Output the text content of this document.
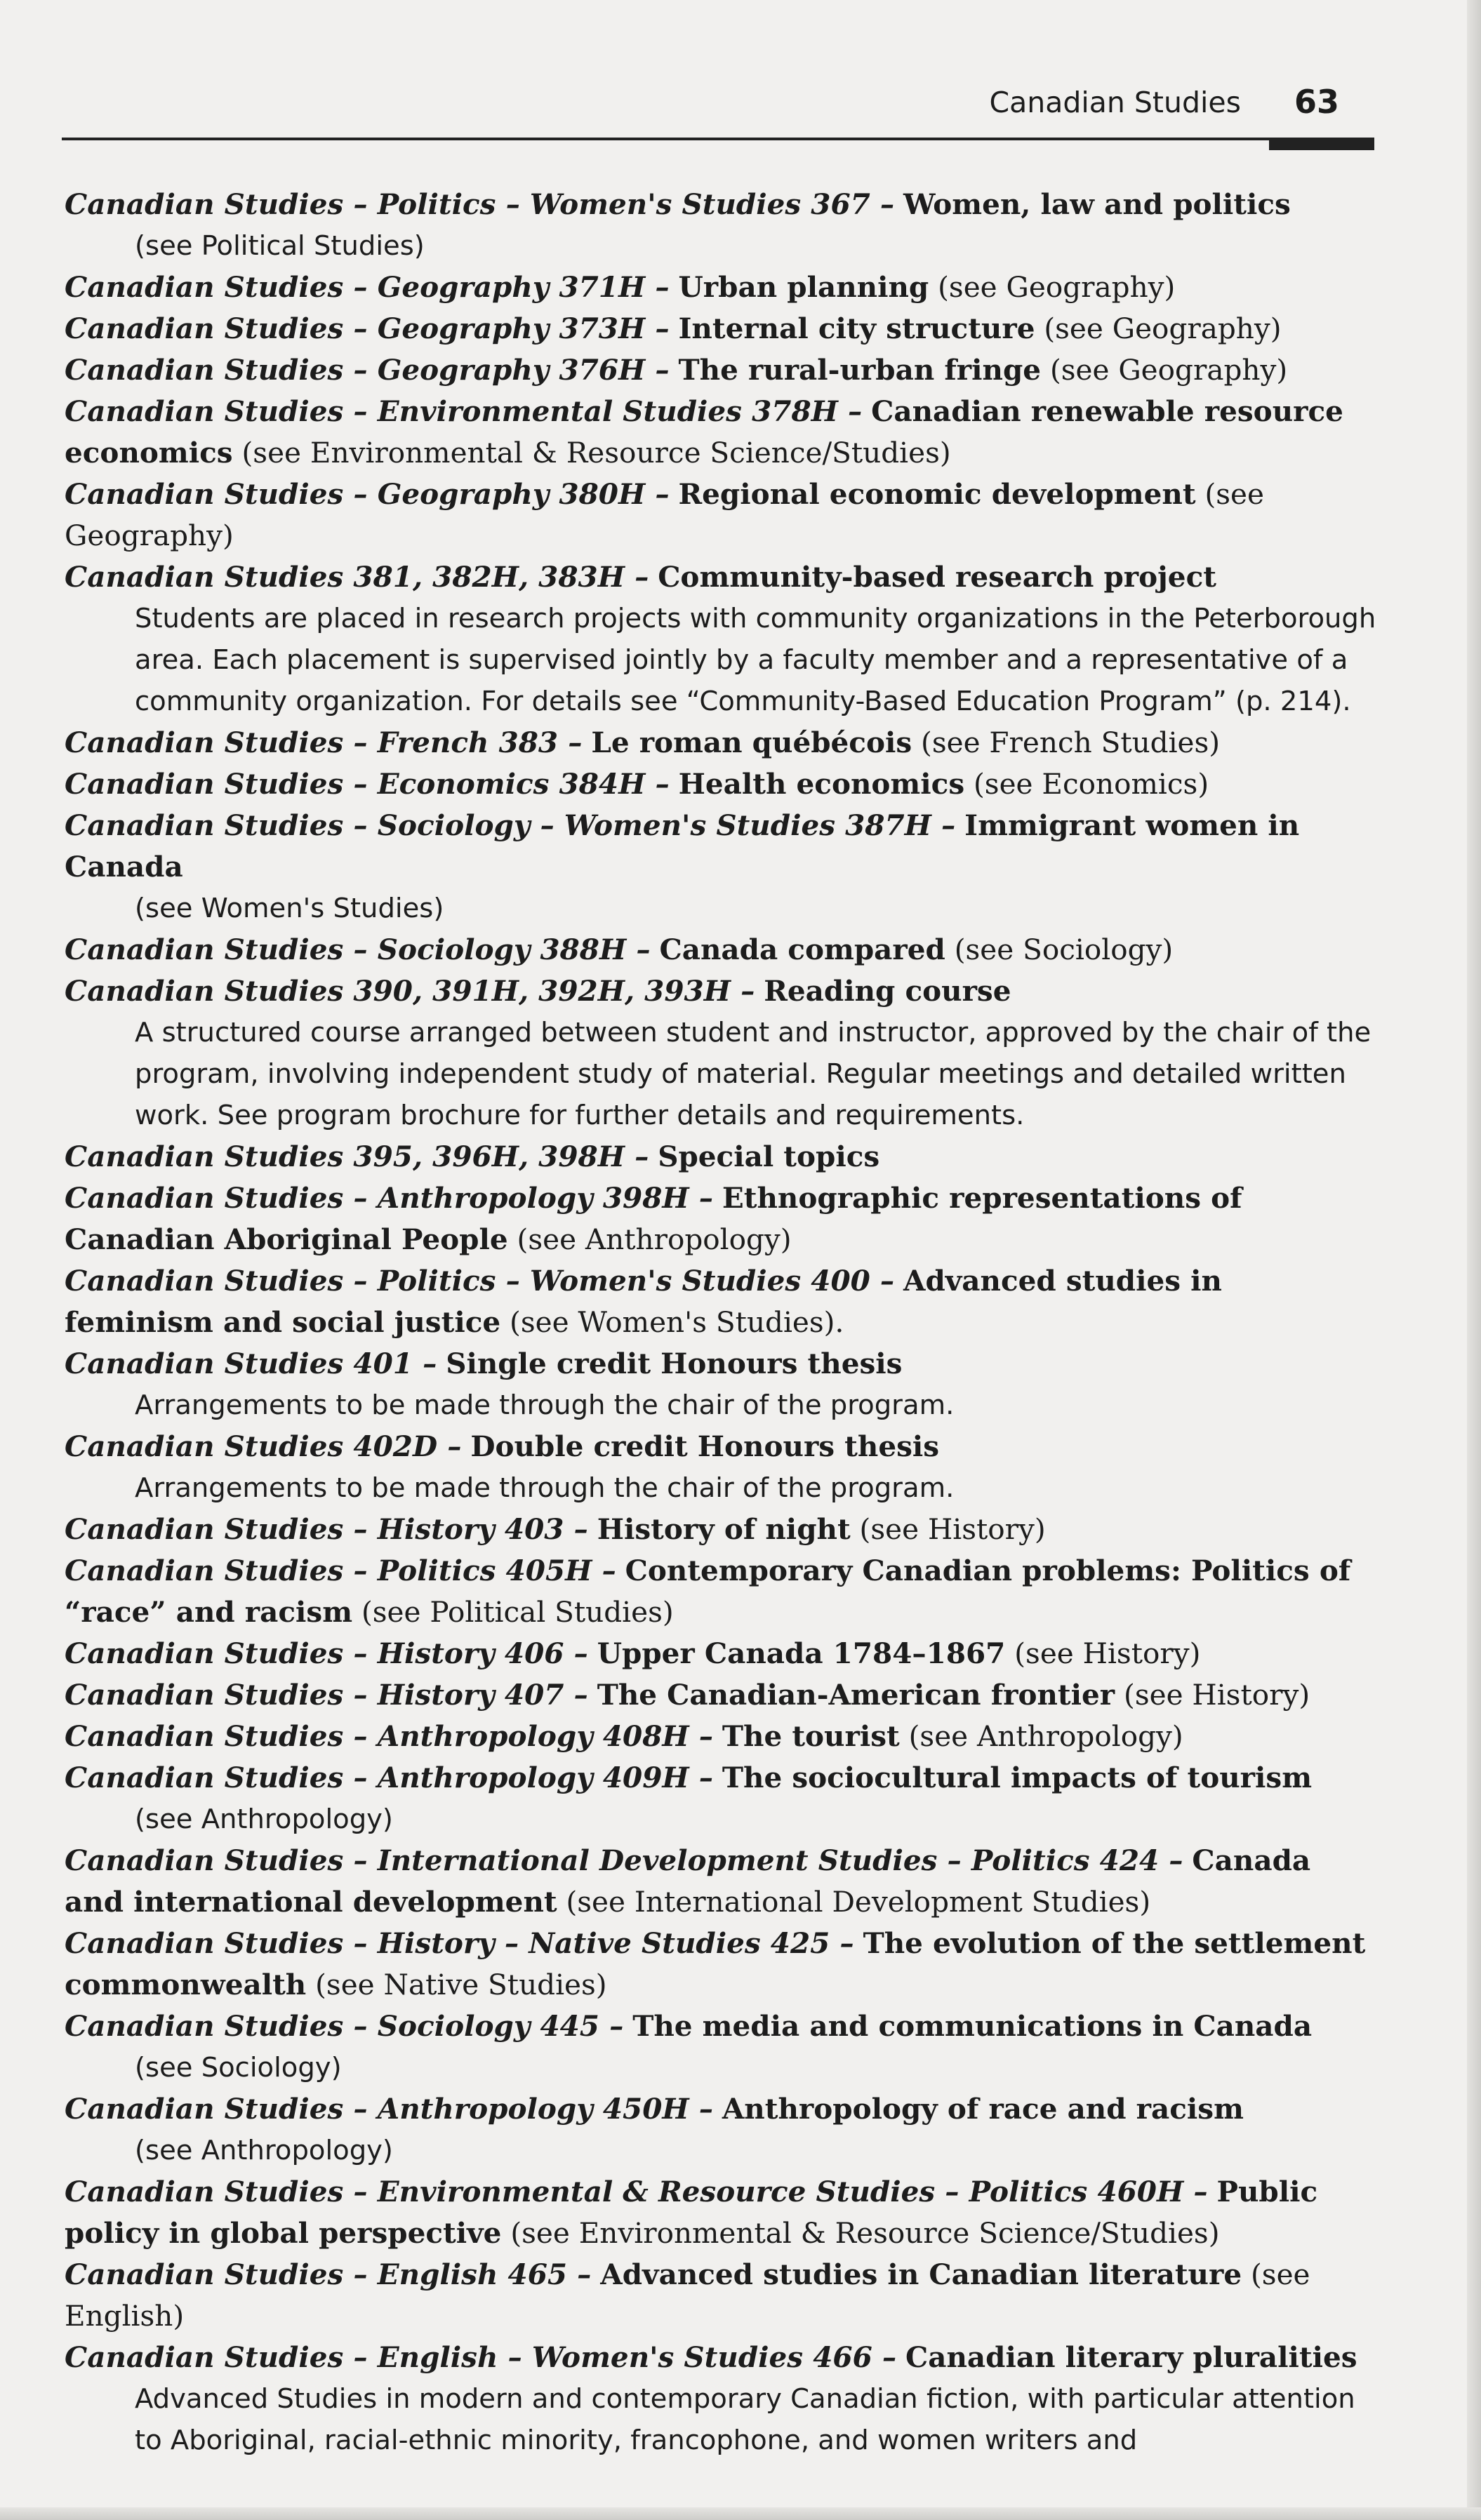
Canadian Studies 63
Canadian Studies – Politics – Women's Studies 367 – Women, law and politics
(see Political Studies)
Canadian Studies – Geography 371H – Urban planning (see Geography)
Canadian Studies – Geography 373H – Internal city structure (see Geography)
Canadian Studies – Geography 376H – The rural-urban fringe (see Geography)
Canadian Studies – Environmental Studies 378H – Canadian renewable resource economics (see Environmental & Resource Science/Studies)
Canadian Studies – Geography 380H – Regional economic development (see Geography)
Canadian Studies 381, 382H, 383H – Community-based research project
Students are placed in research projects with community organizations in the Peterborough area. Each placement is supervised jointly by a faculty member and a representative of a community organization. For details see “Community-Based Education Program” (p. 214).
Canadian Studies – French 383 – Le roman québécois (see French Studies)
Canadian Studies – Economics 384H – Health economics (see Economics)
Canadian Studies – Sociology – Women's Studies 387H – Immigrant women in Canada
(see Women's Studies)
Canadian Studies – Sociology 388H – Canada compared (see Sociology)
Canadian Studies 390, 391H, 392H, 393H – Reading course
A structured course arranged between student and instructor, approved by the chair of the program, involving independent study of material. Regular meetings and detailed written work. See program brochure for further details and requirements.
Canadian Studies 395, 396H, 398H – Special topics
Canadian Studies – Anthropology 398H – Ethnographic representations of Canadian Aboriginal People (see Anthropology)
Canadian Studies – Politics – Women's Studies 400 – Advanced studies in feminism and social justice (see Women's Studies).
Canadian Studies 401 – Single credit Honours thesis
Arrangements to be made through the chair of the program.
Canadian Studies 402D – Double credit Honours thesis
Arrangements to be made through the chair of the program.
Canadian Studies – History 403 – History of night (see History)
Canadian Studies – Politics 405H – Contemporary Canadian problems: Politics of “race” and racism (see Political Studies)
Canadian Studies – History 406 – Upper Canada 1784–1867 (see History)
Canadian Studies – History 407 – The Canadian-American frontier (see History)
Canadian Studies – Anthropology 408H – The tourist (see Anthropology)
Canadian Studies – Anthropology 409H – The sociocultural impacts of tourism
(see Anthropology)
Canadian Studies – International Development Studies – Politics 424 – Canada and international development (see International Development Studies)
Canadian Studies – History – Native Studies 425 – The evolution of the settlement commonwealth (see Native Studies)
Canadian Studies – Sociology 445 – The media and communications in Canada
(see Sociology)
Canadian Studies – Anthropology 450H – Anthropology of race and racism
(see Anthropology)
Canadian Studies – Environmental & Resource Studies – Politics 460H – Public policy in global perspective (see Environmental & Resource Science/Studies)
Canadian Studies – English 465 – Advanced studies in Canadian literature (see English)
Canadian Studies – English – Women's Studies 466 – Canadian literary pluralities
Advanced Studies in modern and contemporary Canadian fiction, with particular attention to Aboriginal, racial-ethnic minority, francophone, and women writers and
